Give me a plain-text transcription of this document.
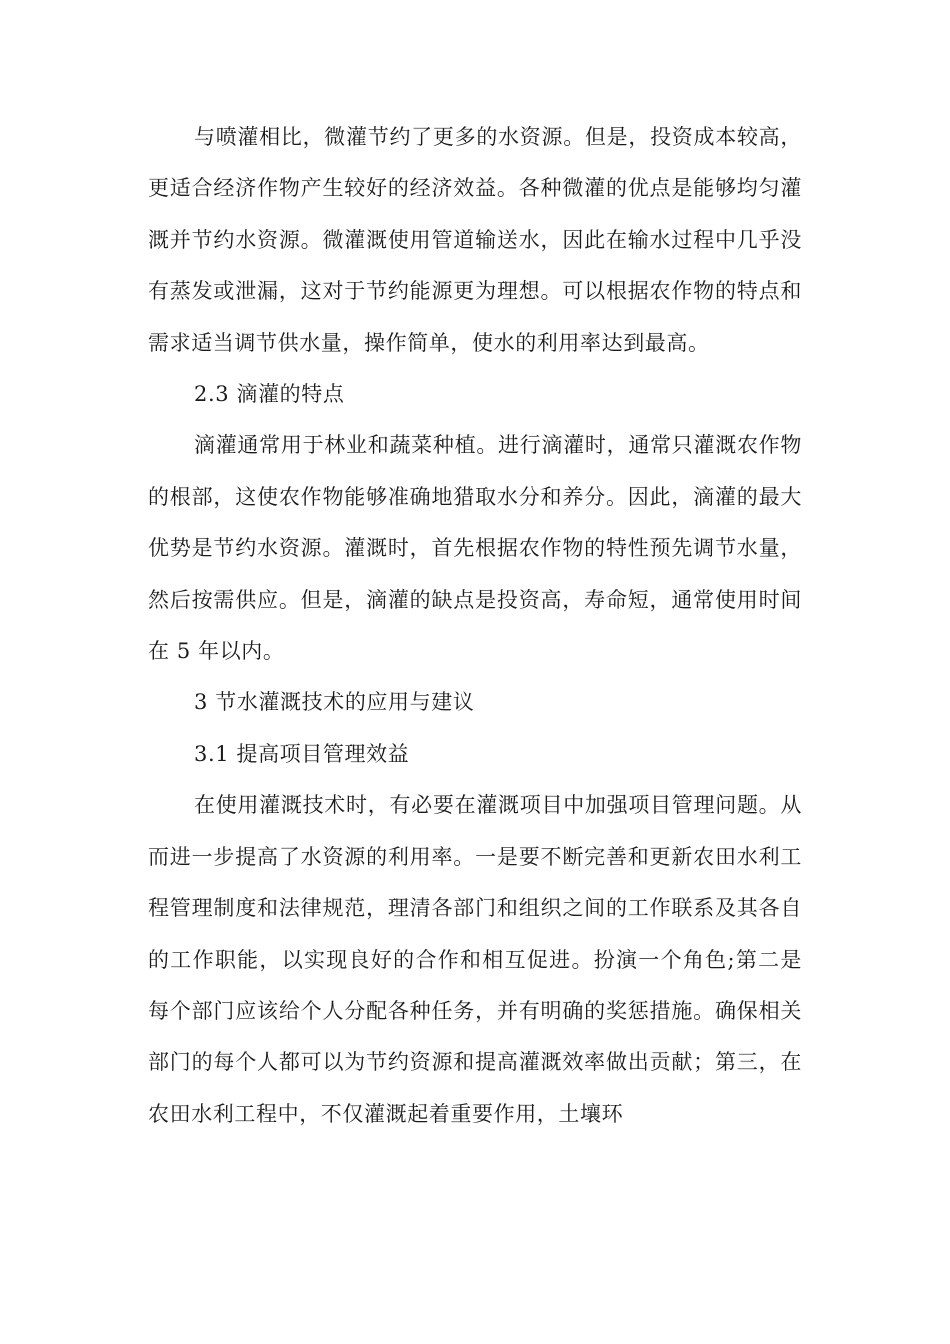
与喷灌相比，微灌节约了更多的水资源。但是，投资成本较高，更适合经济作物产生较好的经济效益。各种微灌的优点是能够均匀灌溉并节约水资源。微灌溉使用管道输送水，因此在输水过程中几乎没有蒸发或泄漏，这对于节约能源更为理想。可以根据农作物的特点和需求适当调节供水量，操作简单，使水的利用率达到最高。

2.3 滴灌的特点

滴灌通常用于林业和蔬菜种植。进行滴灌时，通常只灌溉农作物的根部，这使农作物能够准确地猎取水分和养分。因此，滴灌的最大优势是节约水资源。灌溉时，首先根据农作物的特性预先调节水量，然后按需供应。但是，滴灌的缺点是投资高，寿命短，通常使用时间在 5 年以内。

3 节水灌溉技术的应用与建议

3.1 提高项目管理效益

在使用灌溉技术时，有必要在灌溉项目中加强项目管理问题。从而进一步提高了水资源的利用率。一是要不断完善和更新农田水利工程管理制度和法律规范，理清各部门和组织之间的工作联系及其各自的工作职能，以实现良好的合作和相互促进。扮演一个角色;第二是每个部门应该给个人分配各种任务，并有明确的奖惩措施。确保相关部门的每个人都可以为节约资源和提高灌溉效率做出贡献；第三，在农田水利工程中，不仅灌溉起着重要作用，土壤环
